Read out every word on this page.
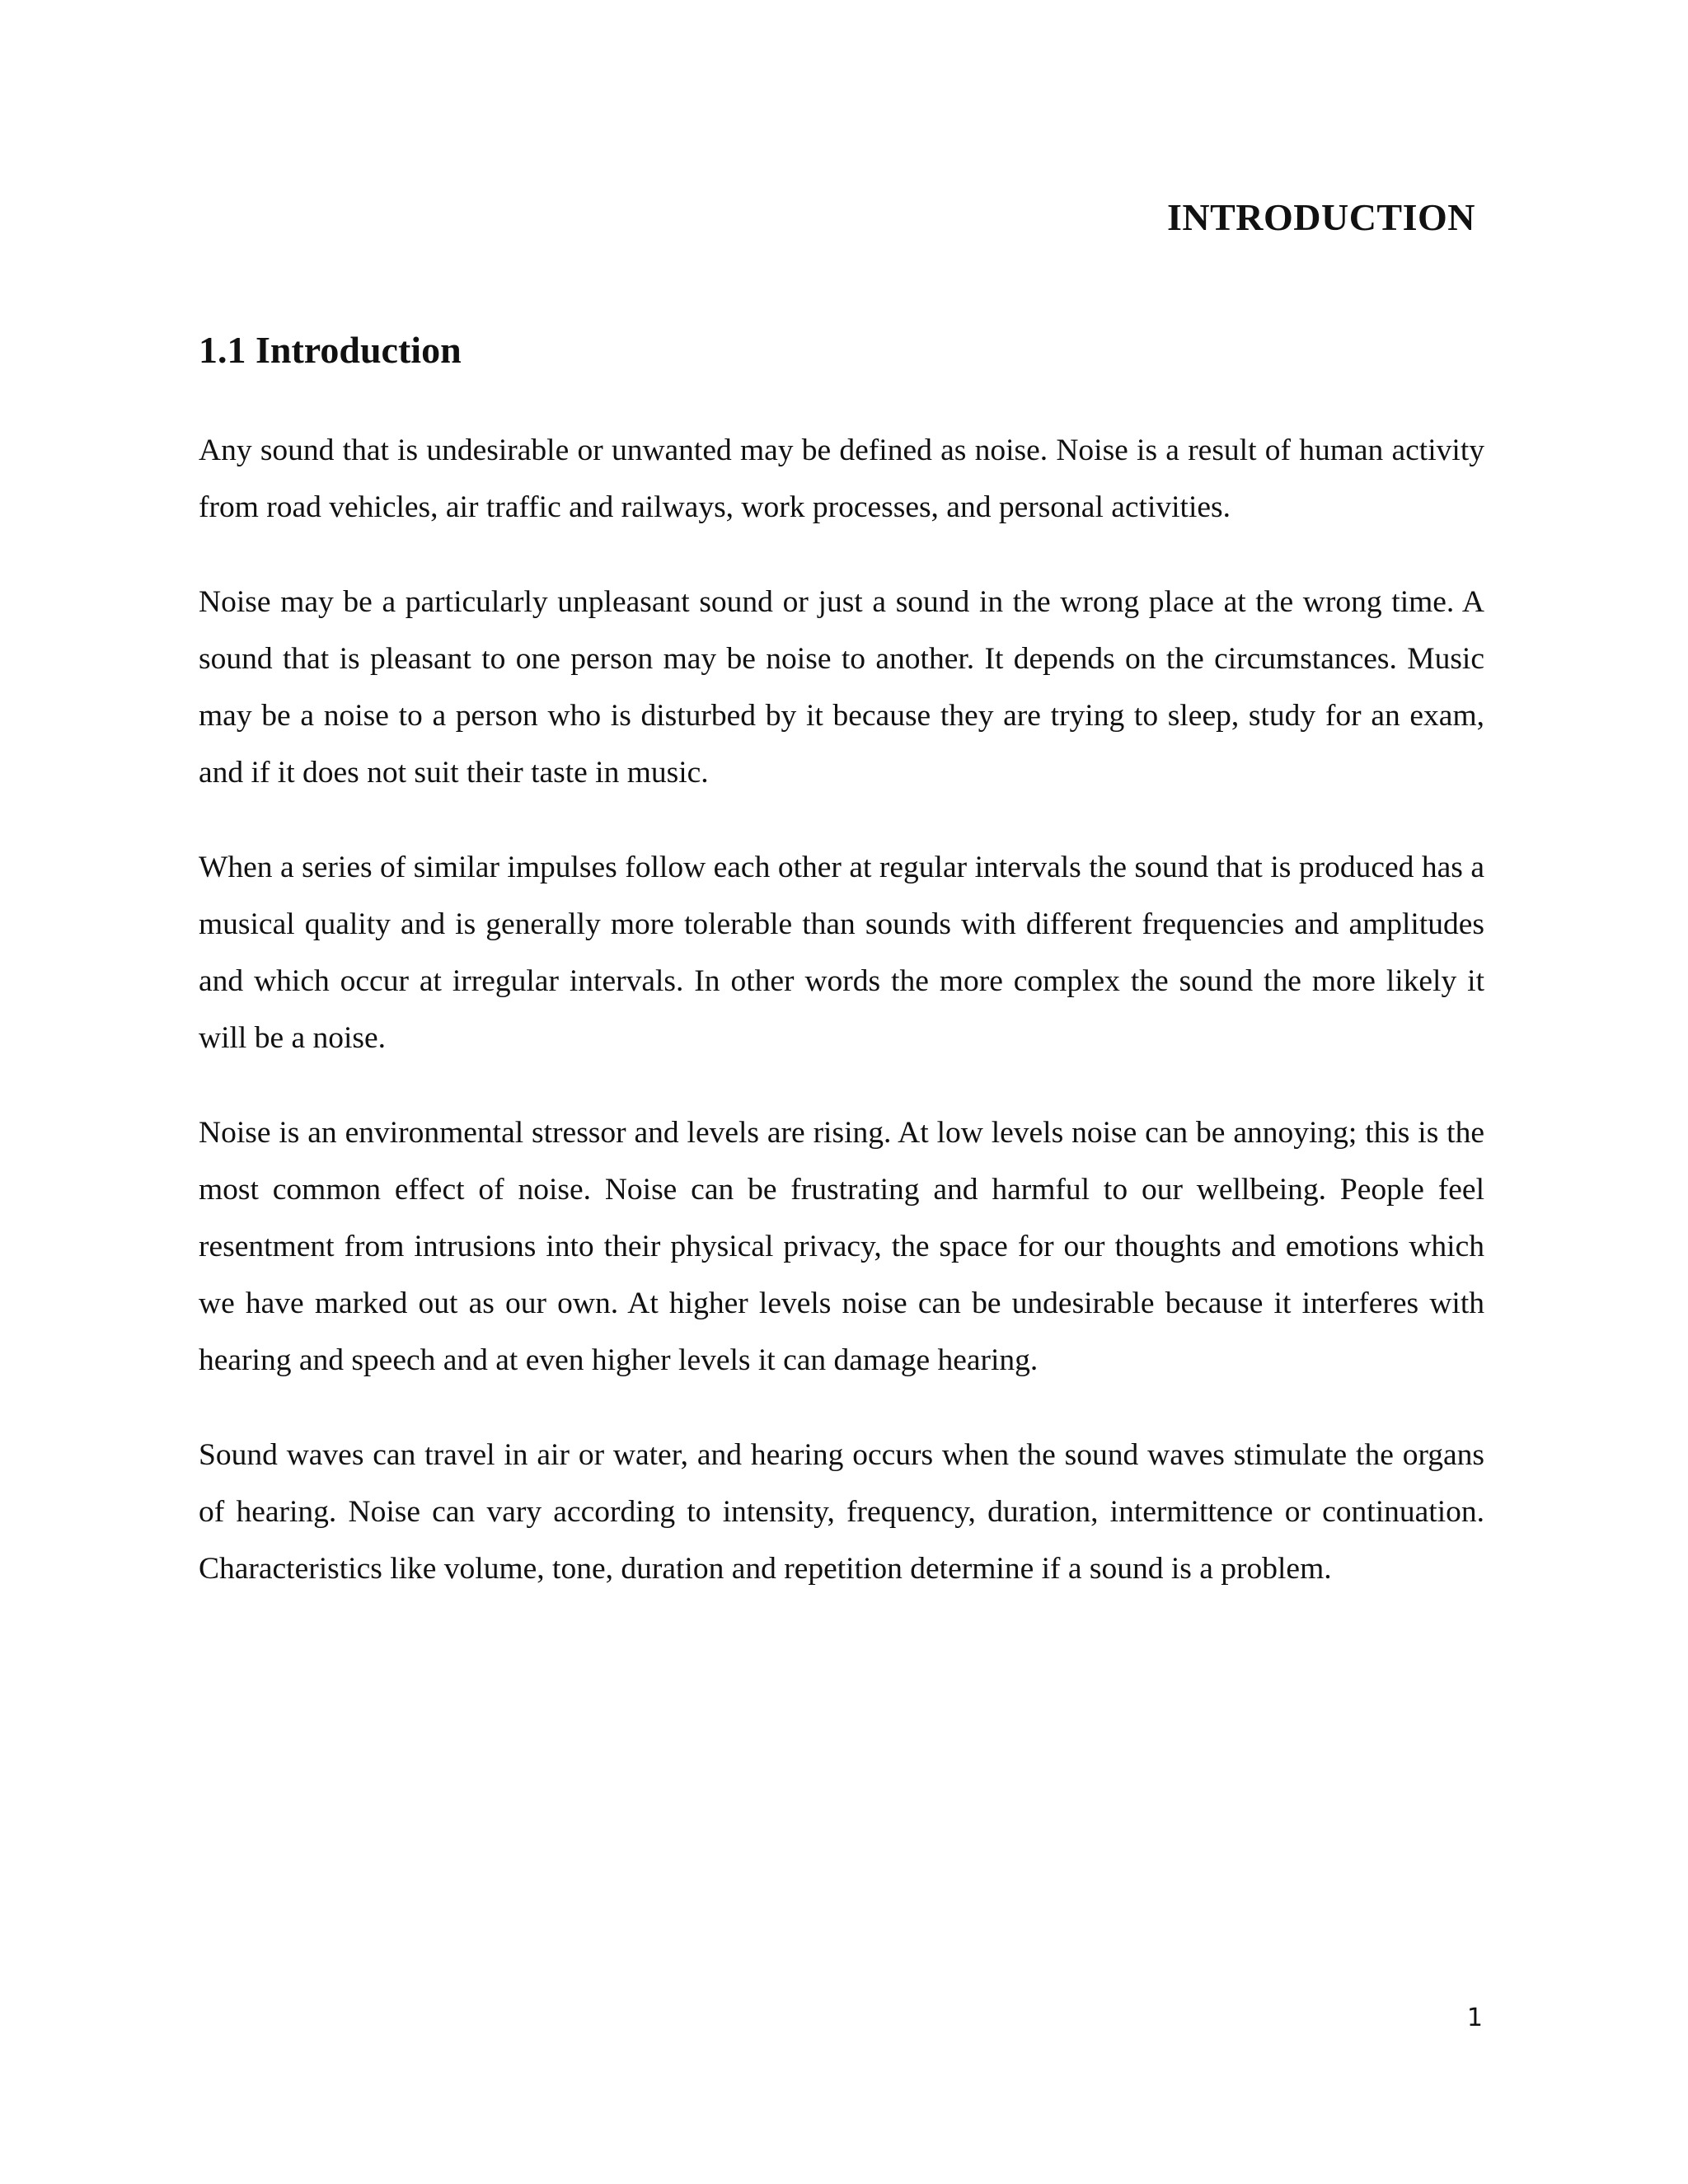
INTRODUCTION
1.1 Introduction

Any sound that is undesirable or unwanted may be defined as noise. Noise is a result of human activity from road vehicles, air traffic and railways, work processes, and personal activities.

Noise may be a particularly unpleasant sound or just a sound in the wrong place at the wrong time. A sound that is pleasant to one person may be noise to another. It depends on the circumstances. Music may be a noise to a person who is disturbed by it because they are trying to sleep, study for an exam, and if it does not suit their taste in music.

When a series of similar impulses follow each other at regular intervals the sound that is produced has a musical quality and is generally more tolerable than sounds with different frequencies and amplitudes and which occur at irregular intervals. In other words the more complex the sound the more likely it will be a noise.

Noise is an environmental stressor and levels are rising. At low levels noise can be annoying; this is the most common effect of noise. Noise can be frustrating and harmful to our wellbeing. People feel resentment from intrusions into their physical privacy, the space for our thoughts and emotions which we have marked out as our own. At higher levels noise can be undesirable because it interferes with hearing and speech and at even higher levels it can damage hearing.

Sound waves can travel in air or water, and hearing occurs when the sound waves stimulate the organs of hearing. Noise can vary according to intensity, frequency, duration, intermittence or continuation. Characteristics like volume, tone, duration and repetition determine if a sound is a problem.

1
